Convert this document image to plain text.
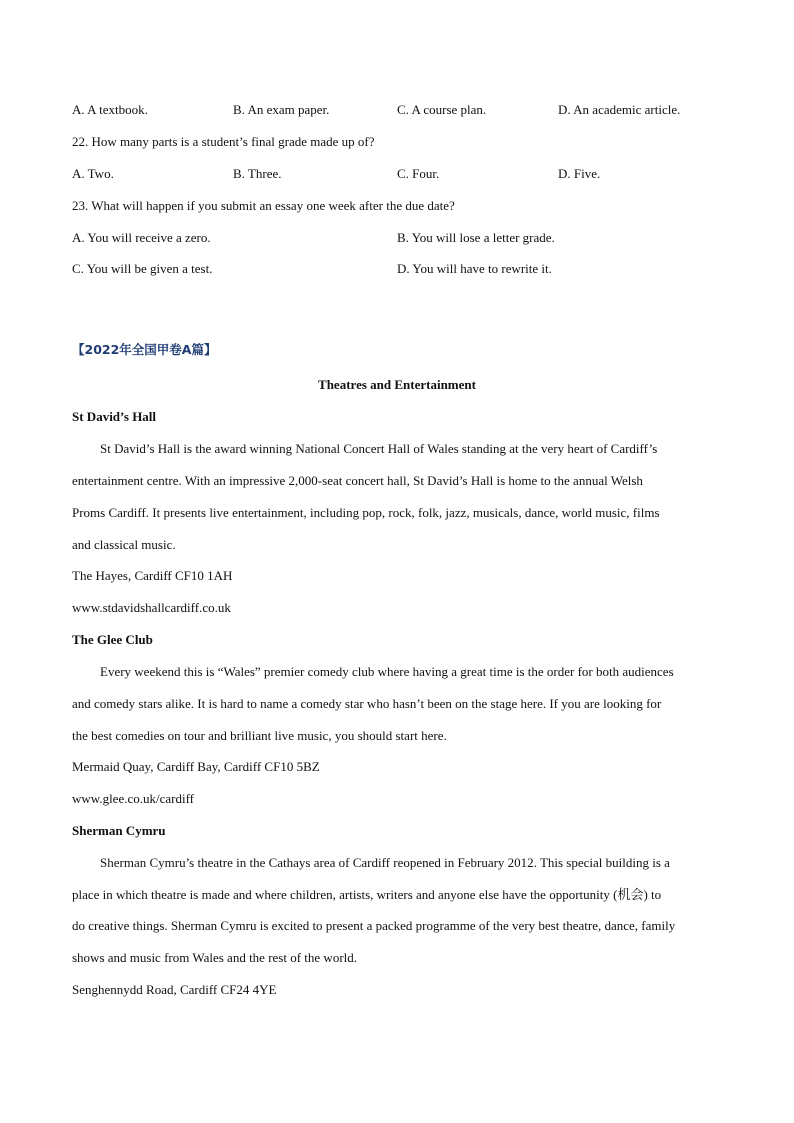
A. A textbook.	B. An exam paper.	C. A course plan.	D. An academic article.
22. How many parts is a student’s final grade made up of?
A. Two.	B. Three.	C. Four.	D. Five.
23. What will happen if you submit an essay one week after the due date?
A. You will receive a zero.	B. You will lose a letter grade.
C. You will be given a test.	D. You will have to rewrite it.
【2022年全国甲卷A篇】
Theatres and Entertainment
St David’s Hall
St David’s Hall is the award winning National Concert Hall of Wales standing at the very heart of Cardiff’s
entertainment centre. With an impressive 2,000-seat concert hall, St David’s Hall is home to the annual Welsh
Proms Cardiff. It presents live entertainment, including pop, rock, folk, jazz, musicals, dance, world music, films
and classical music.
The Hayes, Cardiff CF10 1AH
www.stdavidshallcardiff.co.uk
The Glee Club
Every weekend this is “Wales” premier comedy club where having a great time is the order for both audiences
and comedy stars alike. It is hard to name a comedy star who hasn’t been on the stage here. If you are looking for
the best comedies on tour and brilliant live music, you should start here.
Mermaid Quay, Cardiff Bay, Cardiff CF10 5BZ
www.glee.co.uk/cardiff
Sherman Cymru
Sherman Cymru’s theatre in the Cathays area of Cardiff reopened in February 2012. This special building is a
place in which theatre is made and where children, artists, writers and anyone else have the opportunity (机会) to
do creative things. Sherman Cymru is excited to present a packed programme of the very best theatre, dance, family
shows and music from Wales and the rest of the world.
Senghennydd Road, Cardiff CF24 4YE
